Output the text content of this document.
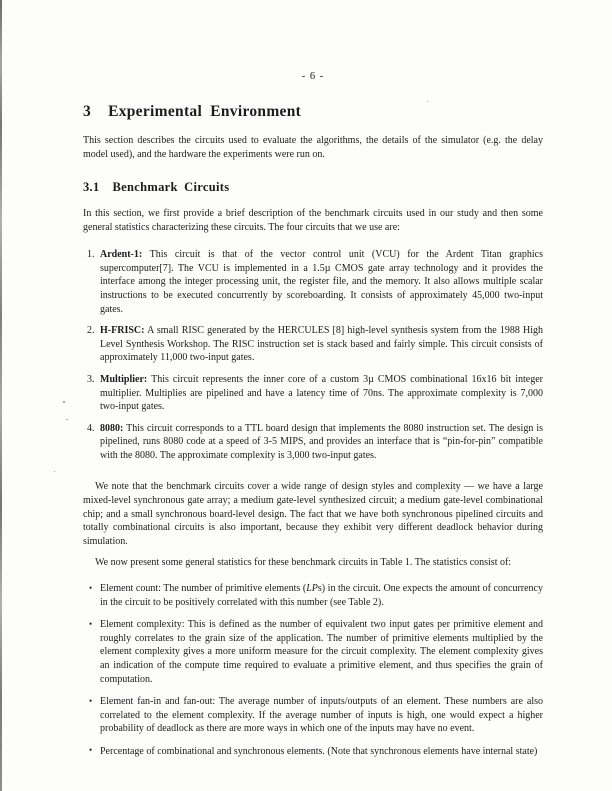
- 6 -
3 Experimental Environment
This section describes the circuits used to evaluate the algorithms, the details of the simulator (e.g. the delay model used), and the hardware the experiments were run on.
3.1 Benchmark Circuits
In this section, we first provide a brief description of the benchmark circuits used in our study and then some general statistics characterizing these circuits. The four circuits that we use are:
1. Ardent-1: This circuit is that of the vector control unit (VCU) for the Ardent Titan graphics supercomputer[7]. The VCU is implemented in a 1.5µ CMOS gate array technology and it provides the interface among the integer processing unit, the register file, and the memory. It also allows multiple scalar instructions to be executed concurrently by scoreboarding. It consists of approximately 45,000 two-input gates.
2. H-FRISC: A small RISC generated by the HERCULES [8] high-level synthesis system from the 1988 High Level Synthesis Workshop. The RISC instruction set is stack based and fairly simple. This circuit consists of approximately 11,000 two-input gates.
3. Multiplier: This circuit represents the inner core of a custom 3µ CMOS combinational 16x16 bit integer multiplier. Multiplies are pipelined and have a latency time of 70ns. The approximate complexity is 7,000 two-input gates.
4. 8080: This circuit corresponds to a TTL board design that implements the 8080 instruction set. The design is pipelined, runs 8080 code at a speed of 3-5 MIPS, and provides an interface that is “pin-for-pin” compatible with the 8080. The approximate complexity is 3,000 two-input gates.
We note that the benchmark circuits cover a wide range of design styles and complexity — we have a large mixed-level synchronous gate array; a medium gate-level synthesized circuit; a medium gate-level combinational chip; and a small synchronous board-level design. The fact that we have both synchronous pipelined circuits and totally combinational circuits is also important, because they exhibit very different deadlock behavior during simulation.
We now present some general statistics for these benchmark circuits in Table 1. The statistics consist of:
• Element count: The number of primitive elements (LPs) in the circuit. One expects the amount of concurrency in the circuit to be positively correlated with this number (see Table 2).
• Element complexity: This is defined as the number of equivalent two input gates per primitive element and roughly correlates to the grain size of the application. The number of primitive elements multiplied by the element complexity gives a more uniform measure for the circuit complexity. The element complexity gives an indication of the compute time required to evaluate a primitive element, and thus specifies the grain of computation.
• Element fan-in and fan-out: The average number of inputs/outputs of an element. These numbers are also correlated to the element complexity. If the average number of inputs is high, one would expect a higher probability of deadlock as there are more ways in which one of the inputs may have no event.
• Percentage of combinational and synchronous elements. (Note that synchronous elements have internal state)
